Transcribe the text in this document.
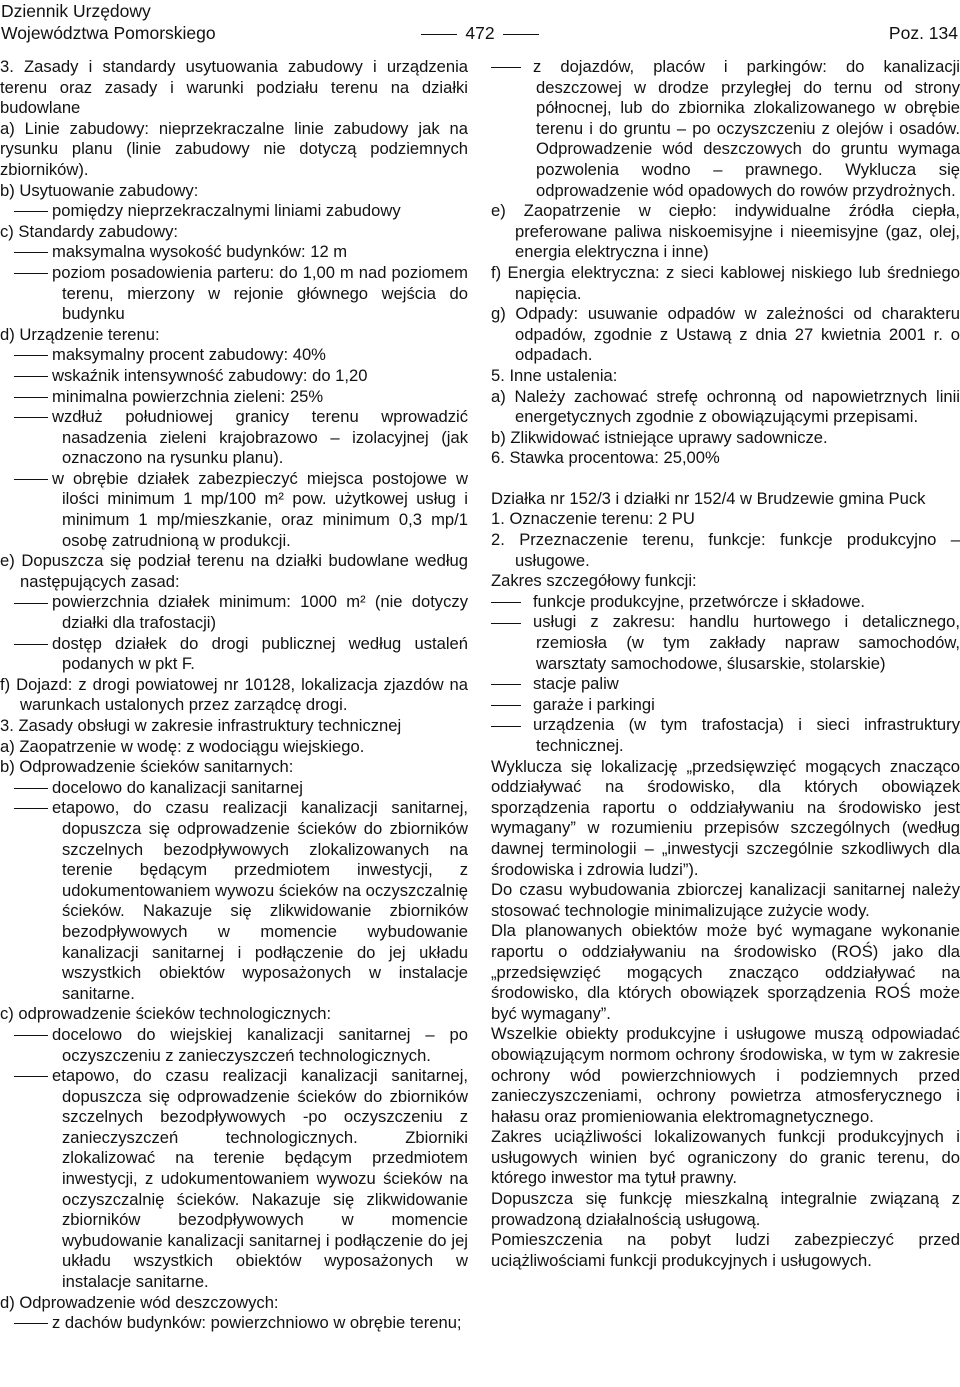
Dziennik Urzędowy
Województwa Pomorskiego	472	Poz. 134
3. Zasady i standardy usytuowania zabudowy i urządzenia terenu oraz zasady i warunki podziału terenu na działki budowlane
a) Linie zabudowy: nieprzekraczalne linie zabudowy jak na rysunku planu (linie zabudowy nie dotyczą podziemnych zbiorników).
b) Usytuowanie zabudowy:
pomiędzy nieprzekraczalnymi liniami zabudowy
c) Standardy zabudowy:
maksymalna wysokość budynków: 12 m
poziom posadowienia parteru: do 1,00 m nad poziomem terenu, mierzony w rejonie głównego wejścia do budynku
d) Urządzenie terenu:
maksymalny procent zabudowy: 40%
wskaźnik intensywność zabudowy: do 1,20
minimalna powierzchnia zieleni: 25%
wzdłuż południowej granicy terenu wprowadzić nasadzenia zieleni krajobrazowo – izolacyjnej (jak oznaczono na rysunku planu).
w obrębie działek zabezpieczyć miejsca postojowe w ilości minimum 1 mp/100 m² pow. użytkowej usług i minimum 1 mp/mieszkanie, oraz minimum 0,3 mp/1 osobę zatrudnioną w produkcji.
e) Dopuszcza się podział terenu na działki budowlane według następujących zasad:
powierzchnia działek minimum: 1000 m² (nie dotyczy działki dla trafostacji)
dostęp działek do drogi publicznej według ustaleń podanych w pkt F.
f) Dojazd: z drogi powiatowej nr 10128, lokalizacja zjazdów na warunkach ustalonych przez zarządcę drogi.
3. Zasady obsługi w zakresie infrastruktury technicznej
a) Zaopatrzenie w wodę: z wodociągu wiejskiego.
b) Odprowadzenie ścieków sanitarnych:
docelowo do kanalizacji sanitarnej
etapowo, do czasu realizacji kanalizacji sanitarnej, dopuszcza się odprowadzenie ścieków do zbiorników szczelnych bezodpływowych zlokalizowanych na terenie będącym przedmiotem inwestycji, z udokumentowaniem wywozu ścieków na oczyszczalnię ścieków. Nakazuje się zlikwidowanie zbiorników bezodpływowych w momencie wybudowanie kanalizacji sanitarnej i podłączenie do jej układu wszystkich obiektów wyposażonych w instalacje sanitarne.
c) odprowadzenie ścieków technologicznych:
docelowo do wiejskiej kanalizacji sanitarnej – po oczyszczeniu z zanieczyszczeń technologicznych.
etapowo, do czasu realizacji kanalizacji sanitarnej, dopuszcza się odprowadzenie ścieków do zbiorników szczelnych bezodpływowych -po oczyszczeniu z zanieczyszczeń technologicznych. Zbiorniki zlokalizować na terenie będącym przedmiotem inwestycji, z udokumentowaniem wywozu ścieków na oczyszczalnię ścieków. Nakazuje się zlikwidowanie zbiorników bezodpływowych w momencie wybudowanie kanalizacji sanitarnej i podłączenie do jej układu wszystkich obiektów wyposażonych w instalacje sanitarne.
d) Odprowadzenie wód deszczowych:
z dachów budynków: powierzchniowo w obrębie terenu;
z dojazdów, placów i parkingów: do kanalizacji deszczowej w drodze przyległej do ternu od strony północnej, lub do zbiornika zlokalizowanego w obrębie terenu i do gruntu – po oczyszczeniu z olejów i osadów. Odprowadzenie wód deszczowych do gruntu wymaga pozwolenia wodno – prawnego. Wyklucza się odprowadzenie wód opadowych do rowów przydrożnych.
e) Zaopatrzenie w ciepło: indywidualne źródła ciepła, preferowane paliwa niskoemisyjne i nieemisyjne (gaz, olej, energia elektryczna i inne)
f) Energia elektryczna: z sieci kablowej niskiego lub średniego napięcia.
g) Odpady: usuwanie odpadów w zależności od charakteru odpadów, zgodnie z Ustawą z dnia 27 kwietnia 2001 r. o odpadach.
5. Inne ustalenia:
a) Należy zachować strefę ochronną od napowietrznych linii energetycznych zgodnie z obowiązującymi przepisami.
b) Zlikwidować istniejące uprawy sadownicze.
6. Stawka procentowa: 25,00%
Działka nr 152/3 i działki nr 152/4 w Brudzewie gmina Puck
1. Oznaczenie terenu: 2 PU
2. Przeznaczenie terenu, funkcje: funkcje produkcyjno – usługowe.
Zakres szczegółowy funkcji:
funkcje produkcyjne, przetwórcze i składowe.
usługi z zakresu: handlu hurtowego i detalicznego, rzemiosła (w tym zakłady napraw samochodów, warsztaty samochodowe, ślusarskie, stolarskie)
stacje paliw
garaże i parkingi
urządzenia (w tym trafostacja) i sieci infrastruktury technicznej.
Wyklucza się lokalizację „przedsięwzięć mogących znacząco oddziaływać na środowisko, dla których obowiązek sporządzenia raportu o oddziaływaniu na środowisko jest wymagany” w rozumieniu przepisów szczególnych (według dawnej terminologii – „inwestycji szczególnie szkodliwych dla środowiska i zdrowia ludzi”).
Do czasu wybudowania zbiorczej kanalizacji sanitarnej należy stosować technologie minimalizujące zużycie wody.
Dla planowanych obiektów może być wymagane wykonanie raportu o oddziaływaniu na środowisko (ROŚ) jako dla „przedsięwzięć mogących znacząco oddziaływać na środowisko, dla których obowiązek sporządzenia ROŚ może być wymagany”.
Wszelkie obiekty produkcyjne i usługowe muszą odpowiadać obowiązującym normom ochrony środowiska, w tym w zakresie ochrony wód powierzchniowych i podziemnych przed zanieczyszczeniami, ochrony powietrza atmosferycznego i hałasu oraz promieniowania elektromagnetycznego.
Zakres uciążliwości lokalizowanych funkcji produkcyjnych i usługowych winien być ograniczony do granic terenu, do którego inwestor ma tytuł prawny.
Dopuszcza się funkcję mieszkalną integralnie związaną z prowadzoną działalnością usługową.
Pomieszczenia na pobyt ludzi zabezpieczyć przed uciążliwościami funkcji produkcyjnych i usługowych.
